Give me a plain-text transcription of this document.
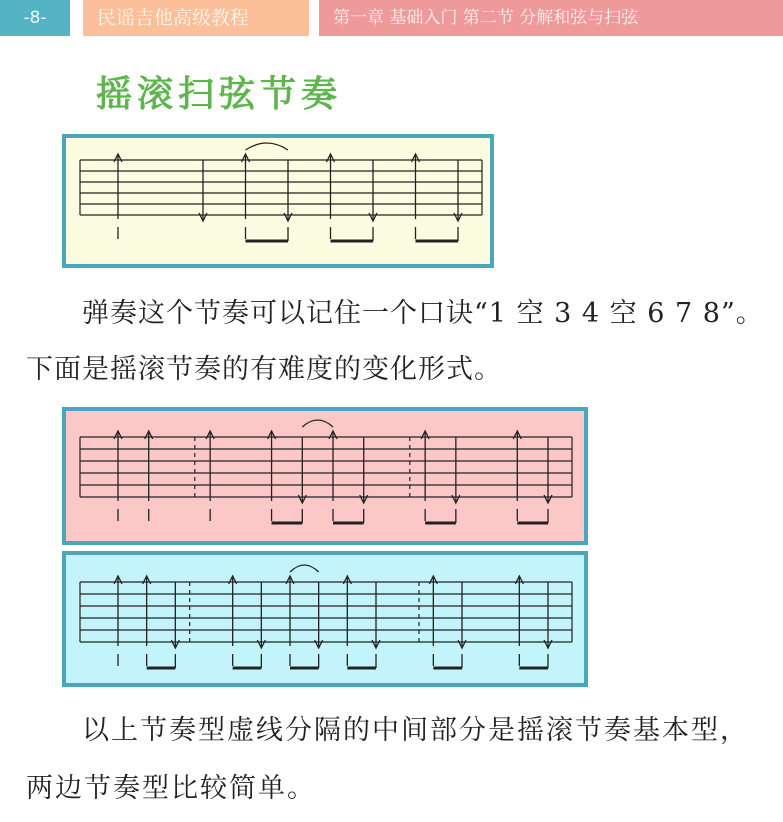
-8-	民谣吉他高级教程	第一章 基础入门 第二节 分解和弦与扫弦
摇滚扫弦节奏
弹奏这个节奏可以记住一个口诀“1 空 3 4 空 6 7 8”。下面是摇滚节奏的有难度的变化形式。
以上节奏型虚线分隔的中间部分是摇滚节奏基本型，两边节奏型比较简单。
